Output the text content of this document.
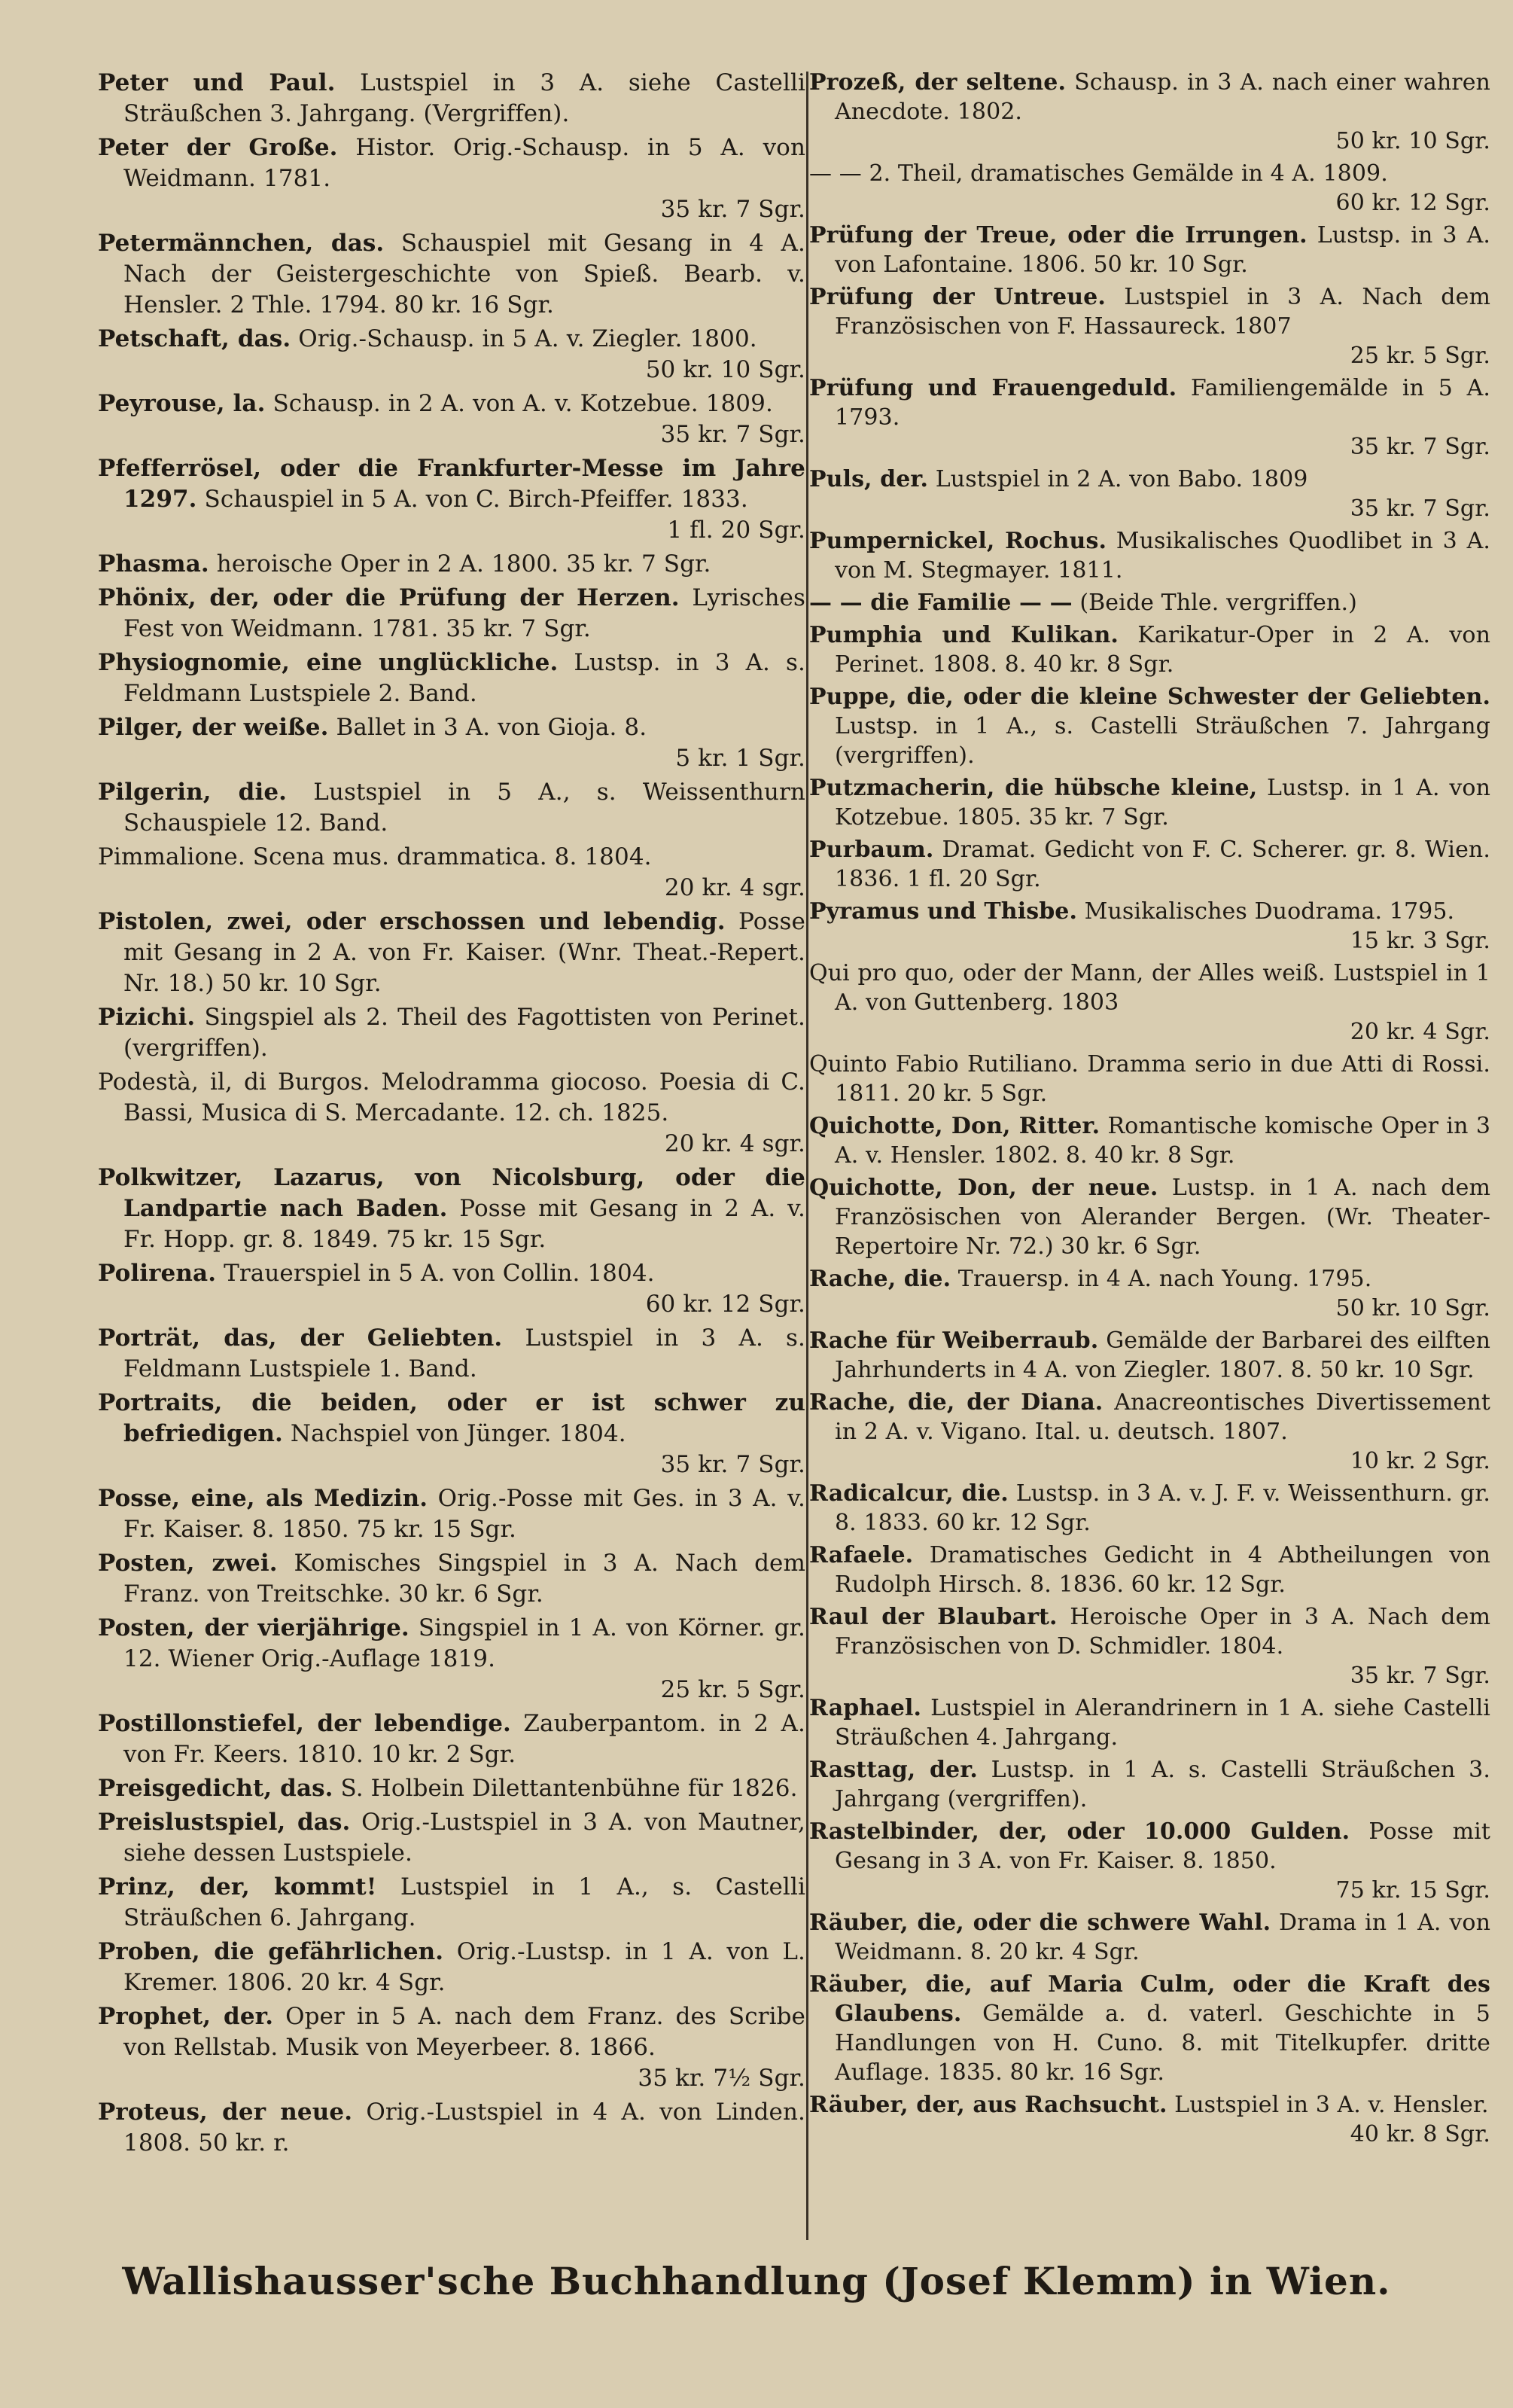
Peter und Paul. Lustspiel in 3 A. siehe Castelli Sträußchen 3. Jahrgang. (Vergriffen).
Peter der Große. Histor. Orig.-Schausp. in 5 A. von Weidmann. 1781.
35 kr. 7 Sgr.
Petermännchen, das. Schauspiel mit Gesang in 4 A. Nach der Geistergeschichte von Spieß. Bearb. v. Hensler. 2 Thle. 1794. 80 kr. 16 Sgr.
Petschaft, das. Orig.-Schausp. in 5 A. v. Ziegler. 1800.
50 kr. 10 Sgr.
Peyrouse, la. Schausp. in 2 A. von A. v. Kotzebue. 1809.
35 kr. 7 Sgr.
Pfefferrösel, oder die Frankfurter-Messe im Jahre 1297. Schauspiel in 5 A. von C. Birch-Pfeiffer. 1833.
1 fl. 20 Sgr.
Phasma. heroische Oper in 2 A. 1800. 35 kr. 7 Sgr.
Phönix, der, oder die Prüfung der Herzen. Lyrisches Fest von Weidmann. 1781. 35 kr. 7 Sgr.
Physiognomie, eine unglückliche. Lustsp. in 3 A. s. Feldmann Lustspiele 2. Band.
Pilger, der weiße. Ballet in 3 A. von Gioja. 8.
5 kr. 1 Sgr.
Pilgerin, die. Lustspiel in 5 A., s. Weissenthurn Schauspiele 12. Band.
Pimmalione. Scena mus. drammatica. 8. 1804.
20 kr. 4 sgr.
Pistolen, zwei, oder erschossen und lebendig. Posse mit Gesang in 2 A. von Fr. Kaiser. (Wnr. Theat.-Repert. Nr. 18.) 50 kr. 10 Sgr.
Pizichi. Singspiel als 2. Theil des Fagottisten von Perinet. (vergriffen).
Podestà, il, di Burgos. Melodramma giocoso. Poesia di C. Bassi, Musica di S. Mercadante. 12. ch. 1825.
20 kr. 4 sgr.
Polkwitzer, Lazarus, von Nicolsburg, oder die Landpartie nach Baden. Posse mit Gesang in 2 A. v. Fr. Hopp. gr. 8. 1849. 75 kr. 15 Sgr.
Polirena. Trauerspiel in 5 A. von Collin. 1804.
60 kr. 12 Sgr.
Porträt, das, der Geliebten. Lustspiel in 3 A. s. Feldmann Lustspiele 1. Band.
Portraits, die beiden, oder er ist schwer zu befriedigen. Nachspiel von Jünger. 1804.
35 kr. 7 Sgr.
Posse, eine, als Medizin. Orig.-Posse mit Ges. in 3 A. v. Fr. Kaiser. 8. 1850. 75 kr. 15 Sgr.
Posten, zwei. Komisches Singspiel in 3 A. Nach dem Franz. von Treitschke. 30 kr. 6 Sgr.
Posten, der vierjährige. Singspiel in 1 A. von Körner. gr. 12. Wiener Orig.-Auflage 1819.
25 kr. 5 Sgr.
Postillonstiefel, der lebendige. Zauberpantom. in 2 A. von Fr. Keers. 1810. 10 kr. 2 Sgr.
Preisgedicht, das. S. Holbein Dilettantenbühne für 1826.
Preislustspiel, das. Orig.-Lustspiel in 3 A. von Mautner, siehe dessen Lustspiele.
Prinz, der, kommt! Lustspiel in 1 A., s. Castelli Sträußchen 6. Jahrgang.
Proben, die gefährlichen. Orig.-Lustsp. in 1 A. von L. Kremer. 1806. 20 kr. 4 Sgr.
Prophet, der. Oper in 5 A. nach dem Franz. des Scribe von Rellstab. Musik von Meyerbeer. 8. 1866.
35 kr. 7½ Sgr.
Proteus, der neue. Orig.-Lustspiel in 4 A. von Linden. 1808. 50 kr. r.
Prozeß, der seltene. Schausp. in 3 A. nach einer wahren Anecdote. 1802.
50 kr. 10 Sgr.
— — 2. Theil, dramatisches Gemälde in 4 A. 1809.
60 kr. 12 Sgr.
Prüfung der Treue, oder die Irrungen. Lustsp. in 3 A. von Lafontaine. 1806. 50 kr. 10 Sgr.
Prüfung der Untreue. Lustspiel in 3 A. Nach dem Französischen von F. Hassaureck. 1807
25 kr. 5 Sgr.
Prüfung und Frauengeduld. Familiengemälde in 5 A. 1793.
35 kr. 7 Sgr.
Puls, der. Lustspiel in 2 A. von Babo. 1809
35 kr. 7 Sgr.
Pumpernickel, Rochus. Musikalisches Quodlibet in 3 A. von M. Stegmayer. 1811.
— — die Familie — — (Beide Thle. vergriffen.)
Pumphia und Kulikan. Karikatur-Oper in 2 A. von Perinet. 1808. 8. 40 kr. 8 Sgr.
Puppe, die, oder die kleine Schwester der Geliebten. Lustsp. in 1 A., s. Castelli Sträußchen 7. Jahrgang (vergriffen).
Putzmacherin, die hübsche kleine, Lustsp. in 1 A. von Kotzebue. 1805. 35 kr. 7 Sgr.
Purbaum. Dramat. Gedicht von F. C. Scherer. gr. 8. Wien. 1836. 1 fl. 20 Sgr.
Pyramus und Thisbe. Musikalisches Duodrama. 1795.
15 kr. 3 Sgr.
Qui pro quo, oder der Mann, der Alles weiß. Lustspiel in 1 A. von Guttenberg. 1803
20 kr. 4 Sgr.
Quinto Fabio Rutiliano. Dramma serio in due Atti di Rossi. 1811. 20 kr. 5 Sgr.
Quichotte, Don, Ritter. Romantische komische Oper in 3 A. v. Hensler. 1802. 8. 40 kr. 8 Sgr.
Quichotte, Don, der neue. Lustsp. in 1 A. nach dem Französischen von Alerander Bergen. (Wr. Theater-Repertoire Nr. 72.) 30 kr. 6 Sgr.
Rache, die. Trauersp. in 4 A. nach Young. 1795.
50 kr. 10 Sgr.
Rache für Weiberraub. Gemälde der Barbarei des eilften Jahrhunderts in 4 A. von Ziegler. 1807. 8. 50 kr. 10 Sgr.
Rache, die, der Diana. Anacreontisches Divertissement in 2 A. v. Vigano. Ital. u. deutsch. 1807.
10 kr. 2 Sgr.
Radicalcur, die. Lustsp. in 3 A. v. J. F. v. Weissenthurn. gr. 8. 1833. 60 kr. 12 Sgr.
Rafaele. Dramatisches Gedicht in 4 Abtheilungen von Rudolph Hirsch. 8. 1836. 60 kr. 12 Sgr.
Raul der Blaubart. Heroische Oper in 3 A. Nach dem Französischen von D. Schmidler. 1804.
35 kr. 7 Sgr.
Raphael. Lustspiel in Alerandrinern in 1 A. siehe Castelli Sträußchen 4. Jahrgang.
Rasttag, der. Lustsp. in 1 A. s. Castelli Sträußchen 3. Jahrgang (vergriffen).
Rastelbinder, der, oder 10.000 Gulden. Posse mit Gesang in 3 A. von Fr. Kaiser. 8. 1850.
75 kr. 15 Sgr.
Räuber, die, oder die schwere Wahl. Drama in 1 A. von Weidmann. 8. 20 kr. 4 Sgr.
Räuber, die, auf Maria Culm, oder die Kraft des Glaubens. Gemälde a. d. vaterl. Geschichte in 5 Handlungen von H. Cuno. 8. mit Titelkupfer. dritte Auflage. 1835. 80 kr. 16 Sgr.
Räuber, der, aus Rachsucht. Lustspiel in 3 A. v. Hensler.
40 kr. 8 Sgr.
Wallishausser'sche Buchhandlung (Josef Klemm) in Wien.
